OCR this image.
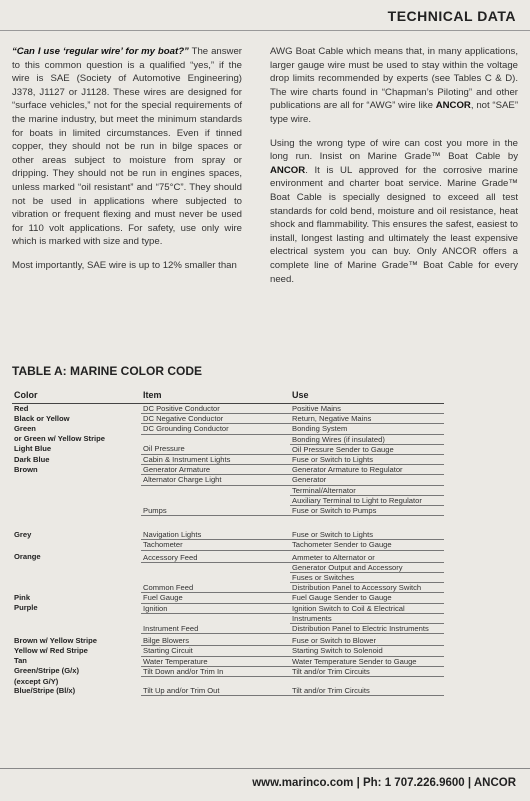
TECHNICAL DATA

“Can I use ‘regular wire’ for my boat?” The answer to this common question is a qualified “yes,” if the wire is SAE (Society of Automotive Engineering) J378, J1127 or J1128. These wires are designed for “surface vehicles,” not for the special requirements of the marine industry, but meet the minimum standards for boats in limited circumstances. Even if tinned copper, they should not be run in bilge spaces or other areas subject to moisture from spray or dripping. They should not be run in engines spaces, unless marked “oil resistant” and “75°C”. They should not be used in applications where subjected to vibration or frequent flexing and must never be used for 110 volt applications. For safety, use only wire which is marked with size and type.

Most importantly, SAE wire is up to 12% smaller than

AWG Boat Cable which means that, in many applications, larger gauge wire must be used to stay within the voltage drop limits recommended by experts (see Tables C & D). The wire charts found in “Chapman’s Piloting” and other publications are all for “AWG” wire like ANCOR, not “SAE” type wire.

Using the wrong type of wire can cost you more in the long run. Insist on Marine Grade™ Boat Cable by ANCOR. It is UL approved for the corrosive marine environment and charter boat service. Marine Grade™ Boat Cable is specially designed to exceed all test standards for cold bend, moisture and oil resistance, heat shock and flammability. This ensures the safest, easiest to install, longest lasting and ultimately the least expensive electrical system you can buy. Only ANCOR offers a complete line of Marine Grade™ Boat Cable for every need.

TABLE A: MARINE COLOR CODE
Color	Item	Use
Red	DC Positive Conductor	Positive Mains
Black or Yellow	DC Negative Conductor	Return, Negative Mains
Green	DC Grounding Conductor	Bonding System
or Green w/ Yellow Stripe		Bonding Wires (if insulated)
Light Blue	Oil Pressure	Oil Pressure Sender to Gauge
Dark Blue	Cabin & Instrument Lights	Fuse or Switch to Lights
Brown	Generator Armature	Generator Armature to Regulator
	Alternator Charge Light	Generator
		Terminal/Alternator
		Auxiliary Terminal to Light to Regulator
	Pumps	Fuse or Switch to Pumps
Grey	Navigation Lights	Fuse or Switch to Lights
	Tachometer	Tachometer Sender to Gauge
Orange	Accessory Feed	Ammeter to Alternator or
		Generator Output and Accessory
		Fuses or Switches
	Common Feed	Distribution Panel to Accessory Switch
Pink	Fuel Gauge	Fuel Gauge Sender to Gauge
Purple	Ignition	Ignition Switch to Coil & Electrical
		Instruments
	Instrument Feed	Distribution Panel to Electric Instruments
Brown w/ Yellow Stripe	Bilge Blowers	Fuse or Switch to Blower
Yellow w/ Red Stripe	Starting Circuit	Starting Switch to Solenoid
Tan	Water Temperature	Water Temperature Sender to Gauge
Green/Stripe (G/x)	Tilt Down and/or Trim In	Tilt and/or Trim Circuits
(except G/Y)		
Blue/Stripe (Bl/x)	Tilt Up and/or Trim Out	Tilt and/or Trim Circuits
www.marinco.com | Ph: 1 707.226.9600 | ANCOR
